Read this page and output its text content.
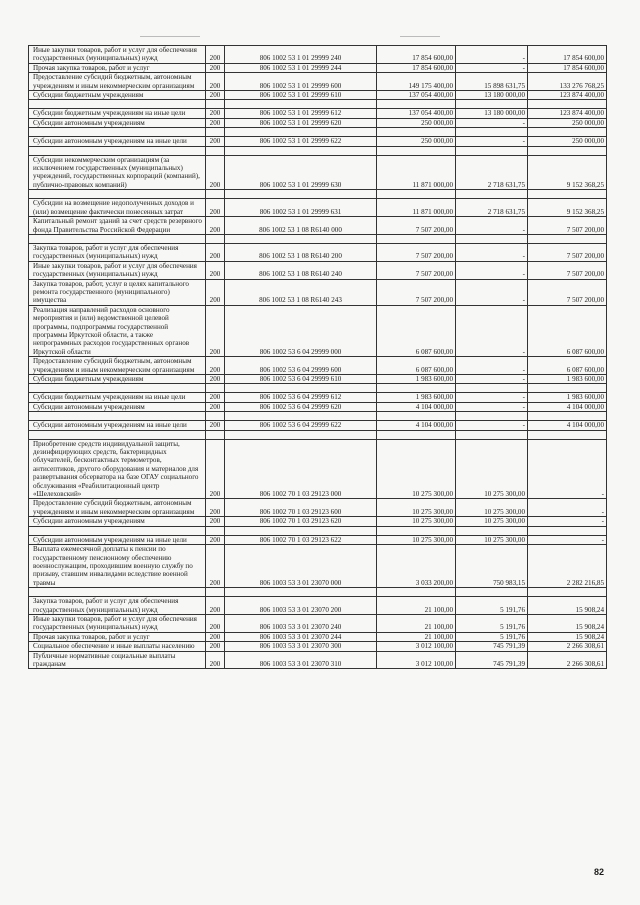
Иные закупки товаров, работ и услуг для обеспечения государственных (муниципальных) нужд	200	806 1002 53 1 01 29999 240	17 854 600,00	-	17 854 600,00
Прочая закупка товаров, работ и услуг	200	806 1002 53 1 01 29999 244	17 854 600,00	-	17 854 600,00
Предоставление субсидий бюджетным, автономным учреждениям и иным некоммерческим организациям	200	806 1002 53 1 01 29999 600	149 175 400,00	15 898 631,75	133 276 768,25
Субсидии бюджетным учреждениям	200	806 1002 53 1 01 29999 610	137 054 400,00	13 180 000,00	123 874 400,00

Субсидии бюджетным учреждениям на иные цели	200	806 1002 53 1 01 29999 612	137 054 400,00	13 180 000,00	123 874 400,00
Субсидии автономным учреждениям	200	806 1002 53 1 01 29999 620	250 000,00	-	250 000,00

Субсидии автономным учреждениям на иные цели	200	806 1002 53 1 01 29999 622	250 000,00	-	250 000,00

Субсидии некоммерческим организациям (за исключением государственных (муниципальных) учреждений, государственных корпораций (компаний), публично-правовых компаний)	200	806 1002 53 1 01 29999 630	11 871 000,00	2 718 631,75	9 152 368,25

Субсидии на возмещение недополученных доходов и (или) возмещение фактически понесенных затрат	200	806 1002 53 1 01 29999 631	11 871 000,00	2 718 631,75	9 152 368,25
Капитальный ремонт зданий за счет средств резервного фонда Правительства Российской Федерации	200	806 1002 53 1 08 R6140 000	7 507 200,00	-	7 507 200,00

Закупка товаров, работ и услуг для обеспечения государственных (муниципальных) нужд	200	806 1002 53 1 08 R6140 200	7 507 200,00	-	7 507 200,00
Иные закупки товаров, работ и услуг для обеспечения государственных (муниципальных) нужд	200	806 1002 53 1 08 R6140 240	7 507 200,00	-	7 507 200,00
Закупка товаров, работ, услуг в целях капитального ремонта государственного (муниципального) имущества	200	806 1002 53 1 08 R6140 243	7 507 200,00	-	7 507 200,00
Реализация направлений расходов основного мероприятия и (или) ведомственной целевой программы, подпрограммы государственной программы Иркутской области, а также непрограммных расходов государственных органов Иркутской области	200	806 1002 53 6 04 29999 000	6 087 600,00	-	6 087 600,00
Предоставление субсидий бюджетным, автономным учреждениям и иным некоммерческим организациям	200	806 1002 53 6 04 29999 600	6 087 600,00	-	6 087 600,00
Субсидии бюджетным учреждениям	200	806 1002 53 6 04 29999 610	1 983 600,00	-	1 983 600,00

Субсидии бюджетным учреждениям на иные цели	200	806 1002 53 6 04 29999 612	1 983 600,00	-	1 983 600,00
Субсидии автономным учреждениям	200	806 1002 53 6 04 29999 620	4 104 000,00	-	4 104 000,00

Субсидии автономным учреждениям на иные цели	200	806 1002 53 6 04 29999 622	4 104 000,00	-	4 104 000,00

Приобретение средств индивидуальной защиты, дезинфицирующих средств, бактерицидных облучателей, бесконтактных термометров, антисептиков, другого оборудования и материалов для развертывания обсерватора на базе ОГАУ социального обслуживания «Реабилитационный центр «Шелеховский»	200	806 1002 70 1 03 29123 000	10 275 300,00	10 275 300,00	-
Предоставление субсидий бюджетным, автономным учреждениям и иным некоммерческим организациям	200	806 1002 70 1 03 29123 600	10 275 300,00	10 275 300,00	-
Субсидии автономным учреждениям	200	806 1002 70 1 03 29123 620	10 275 300,00	10 275 300,00	-

Субсидии автономным учреждениям на иные цели	200	806 1002 70 1 03 29123 622	10 275 300,00	10 275 300,00	-
Выплата ежемесячной доплаты к пенсии по государственному пенсионному обеспечению военнослужащим, проходившим военную службу по призыву, ставшим инвалидами вследствие военной травмы	200	806 1003 53 3 01 23070 000	3 033 200,00	750 983,15	2 282 216,85

Закупка товаров, работ и услуг для обеспечения государственных (муниципальных) нужд	200	806 1003 53 3 01 23070 200	21 100,00	5 191,76	15 908,24
Иные закупки товаров, работ и услуг для обеспечения государственных (муниципальных) нужд	200	806 1003 53 3 01 23070 240	21 100,00	5 191,76	15 908,24
Прочая закупка товаров, работ и услуг	200	806 1003 53 3 01 23070 244	21 100,00	5 191,76	15 908,24
Социальное обеспечение и иные выплаты населению	200	806 1003 53 3 01 23070 300	3 012 100,00	745 791,39	2 266 308,61
Публичные нормативные социальные выплаты гражданам	200	806 1003 53 3 01 23070 310	3 012 100,00	745 791,39	2 266 308,61
82
